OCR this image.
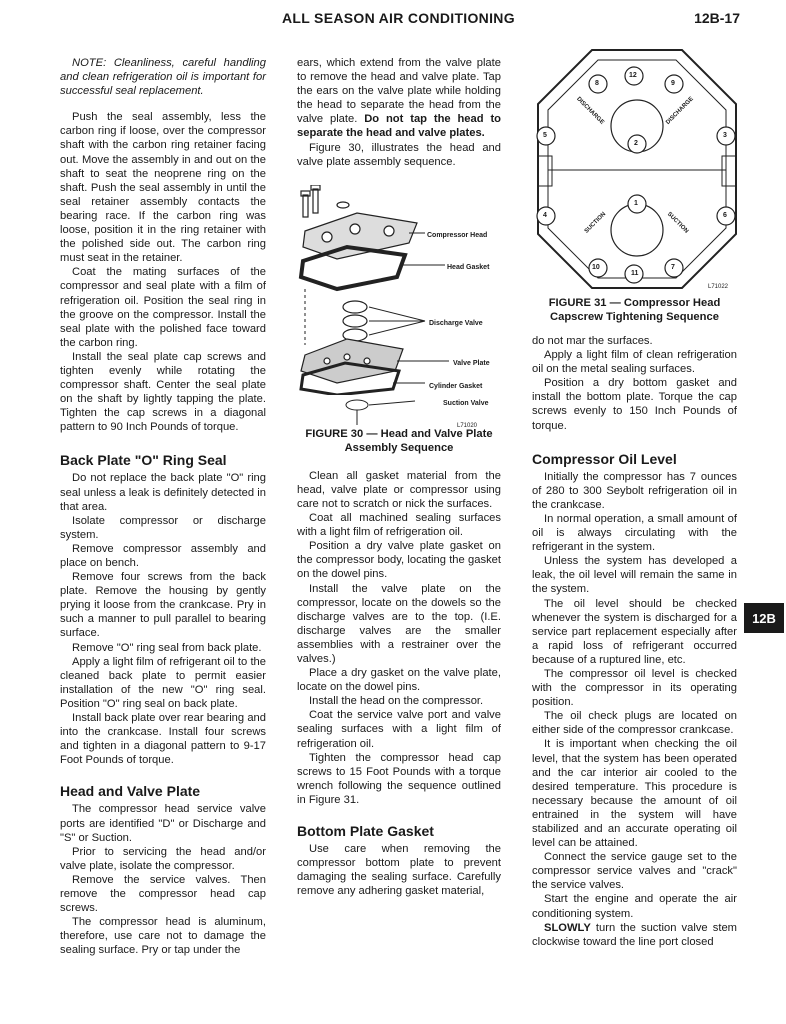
ALL SEASON AIR CONDITIONING	12B-17

NOTE: Cleanliness, careful handling and clean refrigeration oil is important for successful seal replacement.

Push the seal assembly, less the carbon ring if loose, over the compressor shaft with the carbon ring retainer facing out. Move the assembly in and out on the shaft to seat the neoprene ring on the shaft. Push the seal assembly in until the seal retainer assembly contacts the bearing race. If the carbon ring was loose, position it in the ring retainer with the polished side out. The carbon ring must seat in the retainer.

Coat the mating surfaces of the compressor and seal plate with a film of refrigeration oil. Position the seal ring in the groove on the compressor. Install the seal plate with the polished face toward the carbon ring.

Install the seal plate cap screws and tighten evenly while rotating the compressor shaft. Center the seal plate on the shaft by lightly tapping the plate. Tighten the cap screws in a diagonal pattern to 90 Inch Pounds of torque.

Back Plate "O" Ring Seal

Do not replace the back plate "O" ring seal unless a leak is definitely detected in that area.

Isolate compressor or discharge system.

Remove compressor assembly and place on bench.

Remove four screws from the back plate. Remove the housing by gently prying it loose from the crankcase. Pry in such a manner to pull parallel to bearing surface.

Remove "O" ring seal from back plate.

Apply a light film of refrigerant oil to the cleaned back plate to permit easier installation of the new "O" ring seal. Position "O" ring seal on back plate.

Install back plate over rear bearing and into the crankcase. Install four screws and tighten in a diagonal pattern to 9-17 Foot Pounds of torque.

Head and Valve Plate

The compressor head service valve ports are identified "D" or Discharge and "S" or Suction.

Prior to servicing the head and/or valve plate, isolate the compressor.

Remove the service valves. Then remove the compressor head cap screws.

The compressor head is aluminum, therefore, use care not to damage the sealing surface. Pry or tap under the

ears, which extend from the valve plate to remove the head and valve plate. Tap the ears on the valve plate while holding the head to separate the head from the valve plate. Do not tap the head to separate the head and valve plates.

Figure 30, illustrates the head and valve plate assembly sequence.

Compressor Head
Head Gasket
Discharge Valve
Valve Plate
Cylinder Gasket
Suction Valve
L71020
FIGURE 30 — Head and Valve Plate Assembly Sequence

Clean all gasket material from the head, valve plate or compressor using care not to scratch or nick the surfaces.

Coat all machined sealing surfaces with a light film of refrigeration oil.

Position a dry valve plate gasket on the compressor body, locating the gasket on the dowel pins.

Install the valve plate on the compressor, locate on the dowels so the discharge valves are to the top. (I.E. discharge valves are the smaller assemblies with a restrainer over the valves.)

Place a dry gasket on the valve plate, locate on the dowel pins.

Install the head on the compressor.

Coat the service valve port and valve sealing surfaces with a light film of refrigeration oil.

Tighten the compressor head cap screws to 15 Foot Pounds with a torque wrench following the sequence outlined in Figure 31.

Bottom Plate Gasket

Use care when removing the compressor bottom plate to prevent damaging the sealing surface. Carefully remove any adhering gasket material,

8
12
9
5
2
3
4
1
6
10
11
7
DISCHARGE	DISCHARGE
SUCTION	SUCTION
L71022
FIGURE 31 — Compressor Head Capscrew Tightening Sequence

do not mar the surfaces.

Apply a light film of clean refrigeration oil on the metal sealing surfaces.

Position a dry bottom gasket and install the bottom plate. Torque the cap screws evenly to 150 Inch Pounds of torque.

Compressor Oil Level

Initially the compressor has 7 ounces of 280 to 300 Seybolt refrigeration oil in the crankcase.

In normal operation, a small amount of oil is always circulating with the refrigerant in the system.

Unless the system has developed a leak, the oil level will remain the same in the system.

The oil level should be checked whenever the system is discharged for a service part replacement especially after a rapid loss of refrigerant occurred because of a ruptured line, etc.

The compressor oil level is checked with the compressor in its operating position.

The oil check plugs are located on either side of the compressor crankcase.

It is important when checking the oil level, that the system has been operated and the car interior air cooled to the desired temperature. This procedure is necessary because the amount of oil entrained in the system will have stabilized and an accurate operating oil level can be attained.

Connect the service gauge set to the compressor service valves and "crack" the service valves.

Start the engine and operate the air conditioning system.

SLOWLY turn the suction valve stem clockwise toward the line port closed

12B
